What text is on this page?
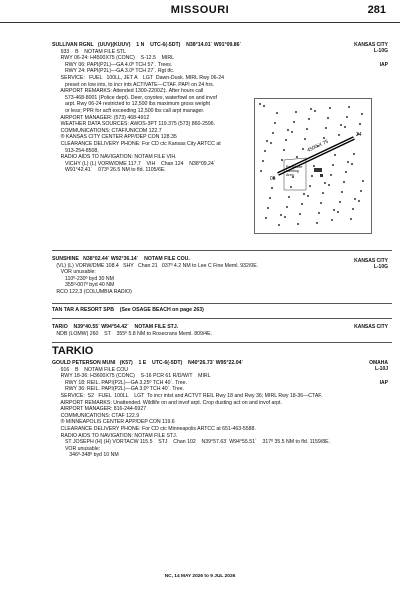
MISSOURI	281
SULLIVAN RGNL   (UUV)(KUUV)    1 N    UTC-6(-5DT)    N38°14.01´ W91°09.86´
933    B    NOTAM FILE STL
RWY 06-24: H4500X75 (CONC)    S-12.5    MIRL
RWY 06: PAPI(P2L)—GA 4.0º TCH 57´. Trees.
RWY 24: PAPI(P2L)—GA 3.0º TCH 27´. Rgt tfc.
SERVICE:   FUEL   100LL, JET A    LGT  Dawn-Dusk. MIRL Rwy 06-24
preset on low ints, to incr ints ACTIVATE—CTAF. PAPI on 24 hrs.
AIRPORT REMARKS: Attended 1300-2200Z‡. After hours call
573-468-8001 (Police dept). Deer, coyotes, waterfowl on and invof
arpt. Rwy 06-24 restricted to 12,500 lbs maximum gross weight
or less; PPR for acft exceeding 12,500 lbs call arpt manager.
AIRPORT MANAGER: (573) 468-4912
WEATHER DATA SOURCES: AWOS-3PT 119.375 (573) 860-2596.
COMMUNICATIONS: CTAF/UNICOM 122.7
® KANSAS CITY CENTER APP/DEP CON 128.35
CLEARANCE DELIVERY PHONE: For CD ctc Kansas City ARTCC at
913-254-8508.
RADIO AIDS TO NAVIGATION: NOTAM FILE VIH.
VICHY (L) (L) VORW/DME 117.7    VIH    Chan 124    N38°09.24´
W91°42.41´    073º 26.5 NM to fld. 1105/6E.
KANSAS CITY
L-10G
IAP
4500 X 75
06
24
Parachute Landing Area
SUNSHINE   N38°02.44´ W92°36.14´    NOTAM FILE COU.
(VL) (L) VORW/DME 108.4   SHY   Chan 21   037º 4.2 NM to Lee C Fine Meml. 932/0E.
VOR unusable:
110º-230º byd 30 NM
355º-007º byd 40 NM
RCO 122.3 (COLUMBIA RADIO)
KANSAS CITY
L-10G
TAN TAR A RESORT SPB    (See OSAGE BEACH on page 263)
TARIO    N39°40.55´ W94°54.42´    NOTAM FILE STJ.
NDB (LOMW) 260    ST    355º 5.8 NM to Rosecrans Meml. 809/4E.
KANSAS CITY
TARKIO
GOULD PETERSON MUNI   (K57)    1 E    UTC-6(-5DT)    N40°26.73´ W95°22.04´
916    B    NOTAM FILE COU
RWY 18-36: H3600X75 (CONC)    S-16 PCR 61 R/D/W/T    MIRL
RWY 18: REIL. PAPI(P2L)—GA 3.25º TCH 40´. Tree.
RWY 36: REIL. PAPI(P2L)—GA 3.0º TCH 40´. Tree.
SERVICE:  S2   FUEL  100LL    LGT  To incr intst and ACTVT REIL Rwy 18 and Rwy 36; MIRL Rwy 18-36—CTAF.
AIRPORT REMARKS: Unattended. Wildlife on and invof arpt. Crop dusting act on and invof arpt.
AIRPORT MANAGER: 816-244-6927
COMMUNICATIONS: CTAF 122.9
® MINNEAPOLIS CENTER APP/DEP CON 119.6
CLEARANCE DELIVERY PHONE: For CD ctc Minneapolis ARTCC at 651-463-5588.
RADIO AIDS TO NAVIGATION: NOTAM FILE STJ.
ST JOSEPH (H) (H) VORTACW 115.5    STJ    Chan 102    N39°57.63´ W94°55.51´    317º 35.5 NM to fld. 1159/8E.
VOR unusable:
346º-348º byd 10 NM
OMAHA
L-10J
IAP
NC, 14 MAY 2026 to 9 JUL 2026
